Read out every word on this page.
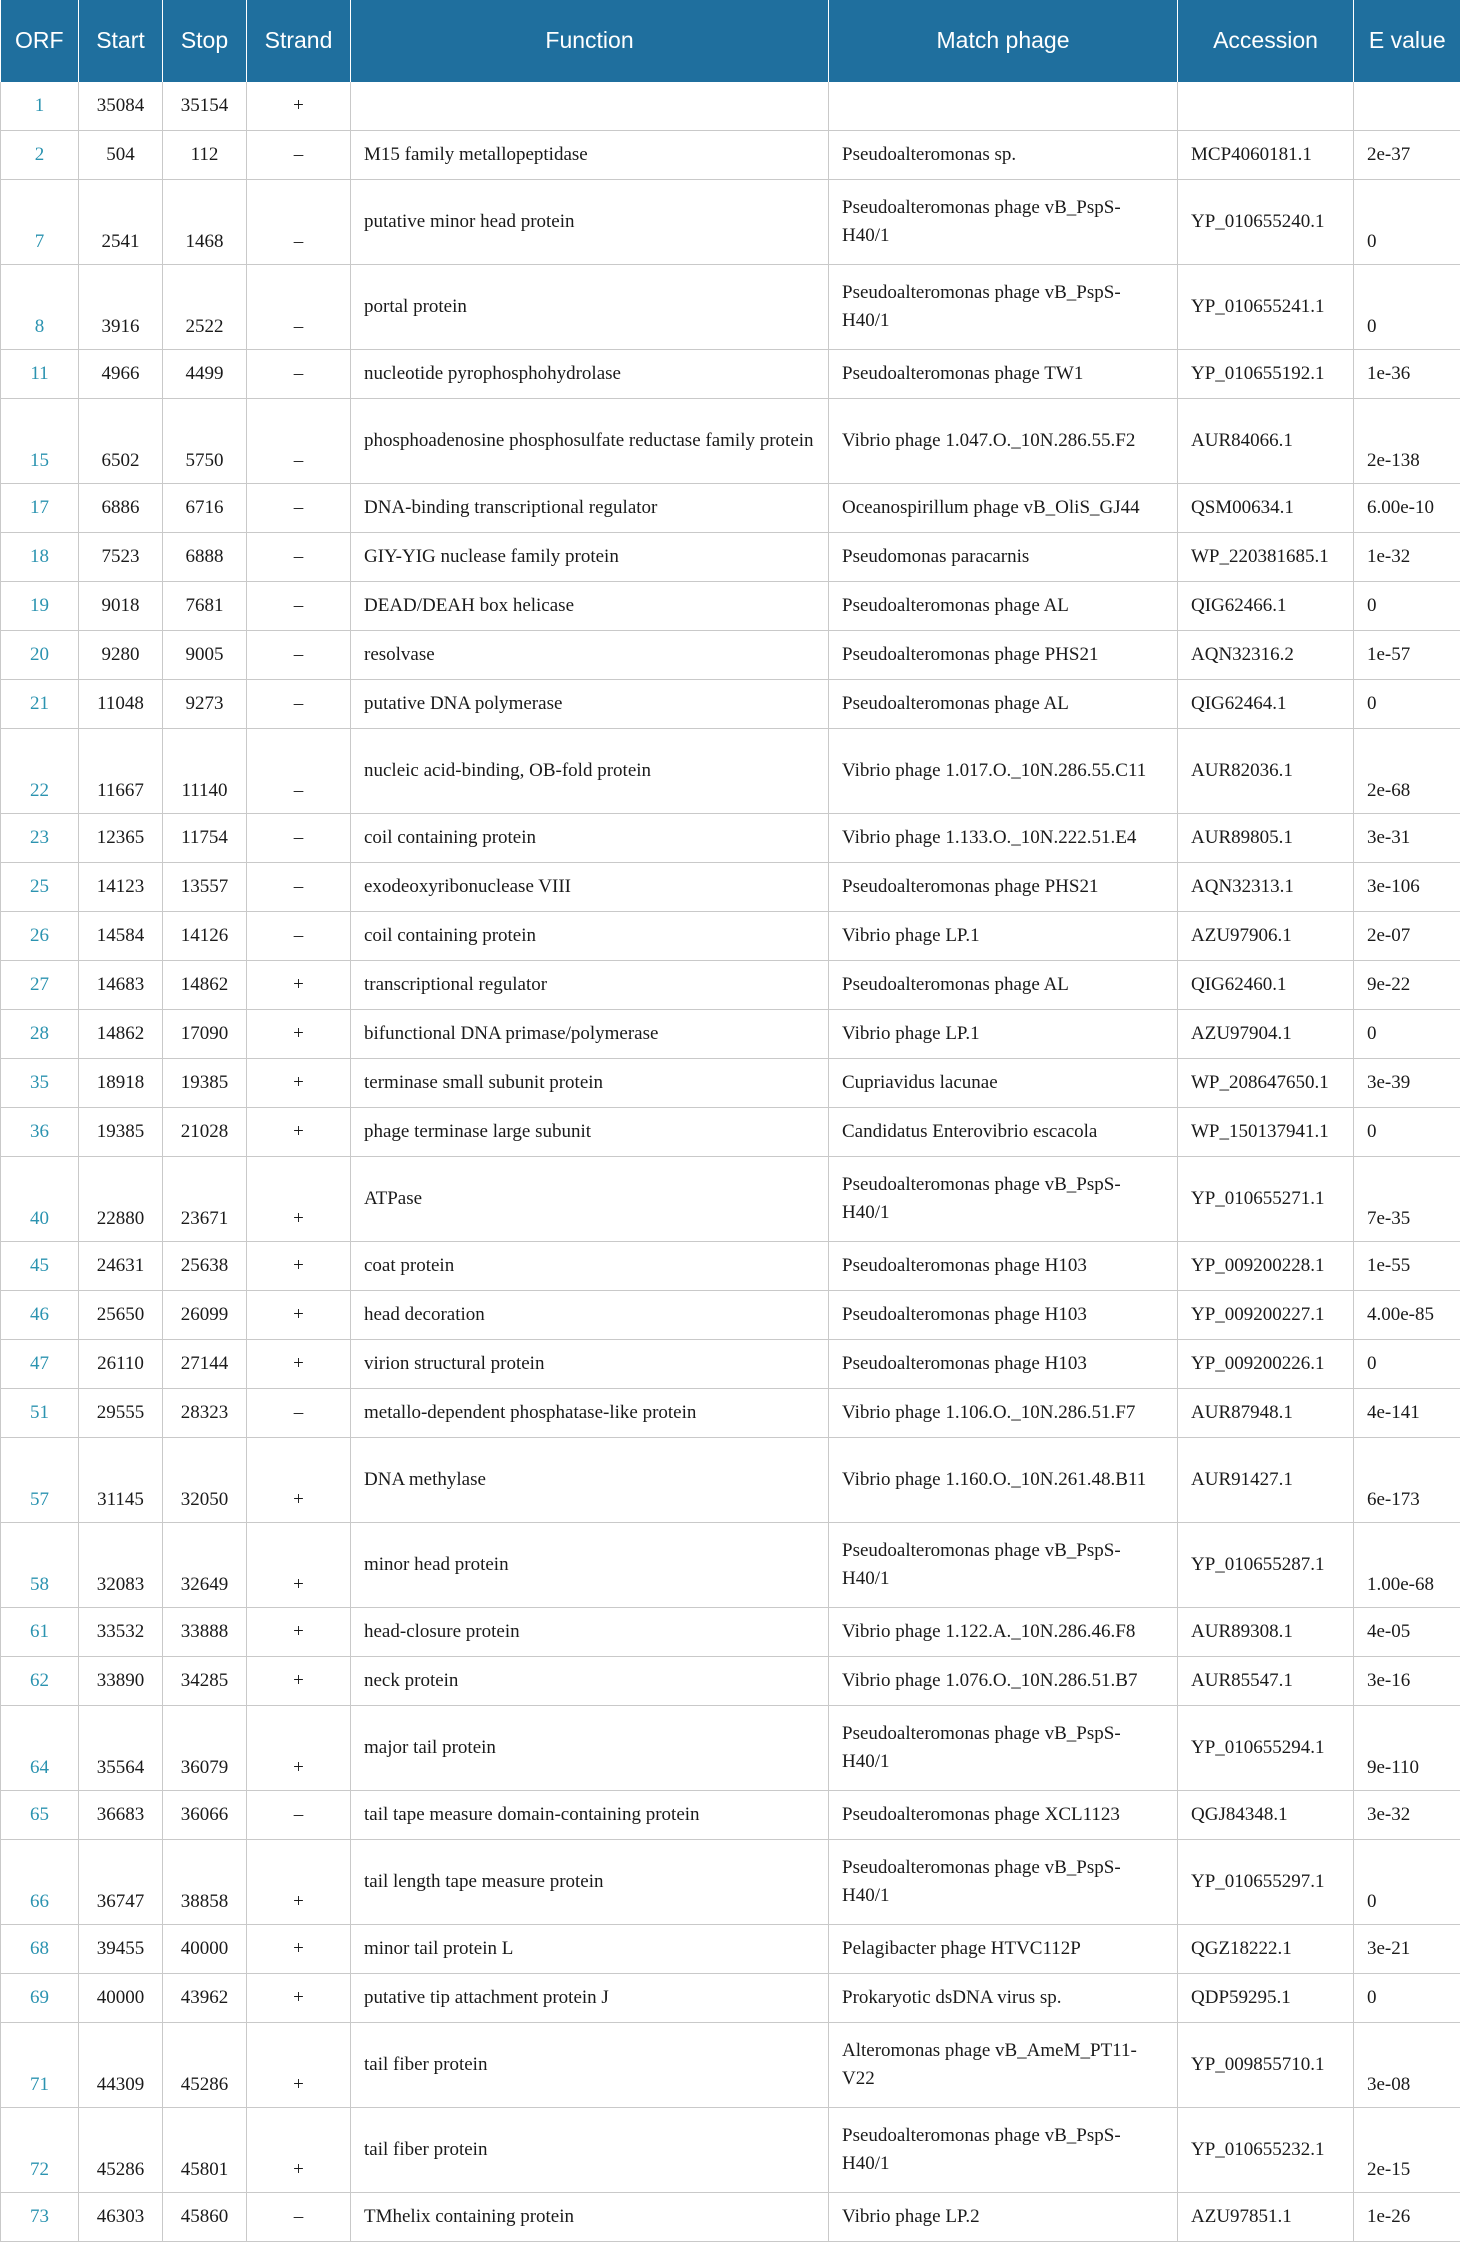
ORF	Start	Stop	Strand	Function	Match phage	Accession	E value
1	35084	35154	+				
2	504	112	–	M15 family metallopeptidase	Pseudoalteromonas sp.	MCP4060181.1	2e-37
7	2541	1468	–	putative minor head protein	Pseudoalteromonas phage vB_PspS-H40/1	YP_010655240.1	0
8	3916	2522	–	portal protein	Pseudoalteromonas phage vB_PspS-H40/1	YP_010655241.1	0
11	4966	4499	–	nucleotide pyrophosphohydrolase	Pseudoalteromonas phage TW1	YP_010655192.1	1e-36
15	6502	5750	–	phosphoadenosine phosphosulfate reductase family protein	Vibrio phage 1.047.O._10N.286.55.F2	AUR84066.1	2e-138
17	6886	6716	–	DNA-binding transcriptional regulator	Oceanospirillum phage vB_OliS_GJ44	QSM00634.1	6.00e-10
18	7523	6888	–	GIY-YIG nuclease family protein	Pseudomonas paracarnis	WP_220381685.1	1e-32
19	9018	7681	–	DEAD/DEAH box helicase	Pseudoalteromonas phage AL	QIG62466.1	0
20	9280	9005	–	resolvase	Pseudoalteromonas phage PHS21	AQN32316.2	1e-57
21	11048	9273	–	putative DNA polymerase	Pseudoalteromonas phage AL	QIG62464.1	0
22	11667	11140	–	nucleic acid-binding, OB-fold protein	Vibrio phage 1.017.O._10N.286.55.C11	AUR82036.1	2e-68
23	12365	11754	–	coil containing protein	Vibrio phage 1.133.O._10N.222.51.E4	AUR89805.1	3e-31
25	14123	13557	–	exodeoxyribonuclease VIII	Pseudoalteromonas phage PHS21	AQN32313.1	3e-106
26	14584	14126	–	coil containing protein	Vibrio phage LP.1	AZU97906.1	2e-07
27	14683	14862	+	transcriptional regulator	Pseudoalteromonas phage AL	QIG62460.1	9e-22
28	14862	17090	+	bifunctional DNA primase/polymerase	Vibrio phage LP.1	AZU97904.1	0
35	18918	19385	+	terminase small subunit protein	Cupriavidus lacunae	WP_208647650.1	3e-39
36	19385	21028	+	phage terminase large subunit	Candidatus Enterovibrio escacola	WP_150137941.1	0
40	22880	23671	+	ATPase	Pseudoalteromonas phage vB_PspS-H40/1	YP_010655271.1	7e-35
45	24631	25638	+	coat protein	Pseudoalteromonas phage H103	YP_009200228.1	1e-55
46	25650	26099	+	head decoration	Pseudoalteromonas phage H103	YP_009200227.1	4.00e-85
47	26110	27144	+	virion structural protein	Pseudoalteromonas phage H103	YP_009200226.1	0
51	29555	28323	–	metallo-dependent phosphatase-like protein	Vibrio phage 1.106.O._10N.286.51.F7	AUR87948.1	4e-141
57	31145	32050	+	DNA methylase	Vibrio phage 1.160.O._10N.261.48.B11	AUR91427.1	6e-173
58	32083	32649	+	minor head protein	Pseudoalteromonas phage vB_PspS-H40/1	YP_010655287.1	1.00e-68
61	33532	33888	+	head-closure protein	Vibrio phage 1.122.A._10N.286.46.F8	AUR89308.1	4e-05
62	33890	34285	+	neck protein	Vibrio phage 1.076.O._10N.286.51.B7	AUR85547.1	3e-16
64	35564	36079	+	major tail protein	Pseudoalteromonas phage vB_PspS-H40/1	YP_010655294.1	9e-110
65	36683	36066	–	tail tape measure domain-containing protein	Pseudoalteromonas phage XCL1123	QGJ84348.1	3e-32
66	36747	38858	+	tail length tape measure protein	Pseudoalteromonas phage vB_PspS-H40/1	YP_010655297.1	0
68	39455	40000	+	minor tail protein L	Pelagibacter phage HTVC112P	QGZ18222.1	3e-21
69	40000	43962	+	putative tip attachment protein J	Prokaryotic dsDNA virus sp.	QDP59295.1	0
71	44309	45286	+	tail fiber protein	Alteromonas phage vB_AmeM_PT11-V22	YP_009855710.1	3e-08
72	45286	45801	+	tail fiber protein	Pseudoalteromonas phage vB_PspS-H40/1	YP_010655232.1	2e-15
73	46303	45860	–	TMhelix containing protein	Vibrio phage LP.2	AZU97851.1	1e-26
